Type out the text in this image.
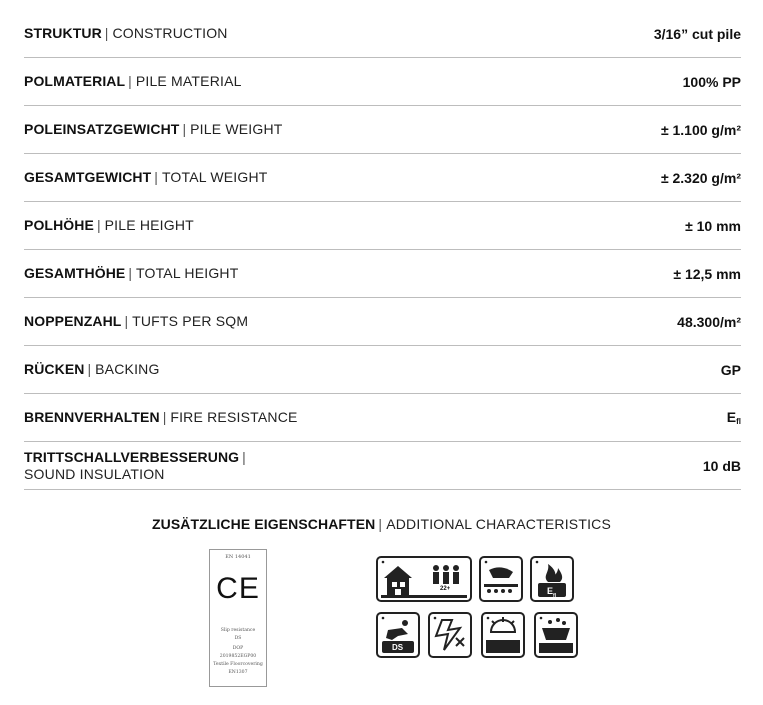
STRUKTUR | CONSTRUCTION	3/16” cut pile
POLMATERIAL | PILE MATERIAL	100% PP
POLEINSATZGEWICHT | PILE WEIGHT	± 1.100 g/m²
GESAMTGEWICHT | TOTAL WEIGHT	± 2.320 g/m²
POLHÖHE | PILE HEIGHT	± 10 mm
GESAMTHÖHE | TOTAL HEIGHT	± 12,5 mm
NOPPENZAHL | TUFTS PER SQM	48.300/m²
RÜCKEN | BACKING	GP
BRENNVERHALTEN | FIRE RESISTANCE	$E_{fl}$
TRITTSCHALLVERBESSERUNG |
SOUND INSULATION	10 dB
ZUSÄTZLICHE EIGENSCHAFTEN | ADDITIONAL CHARACTERISTICS
EN 14041
CE
Slip resistance
DS
DOP
2019852EGP00
Textile Floorcovering
EN1307
22+	$E_{fl}$
DS
